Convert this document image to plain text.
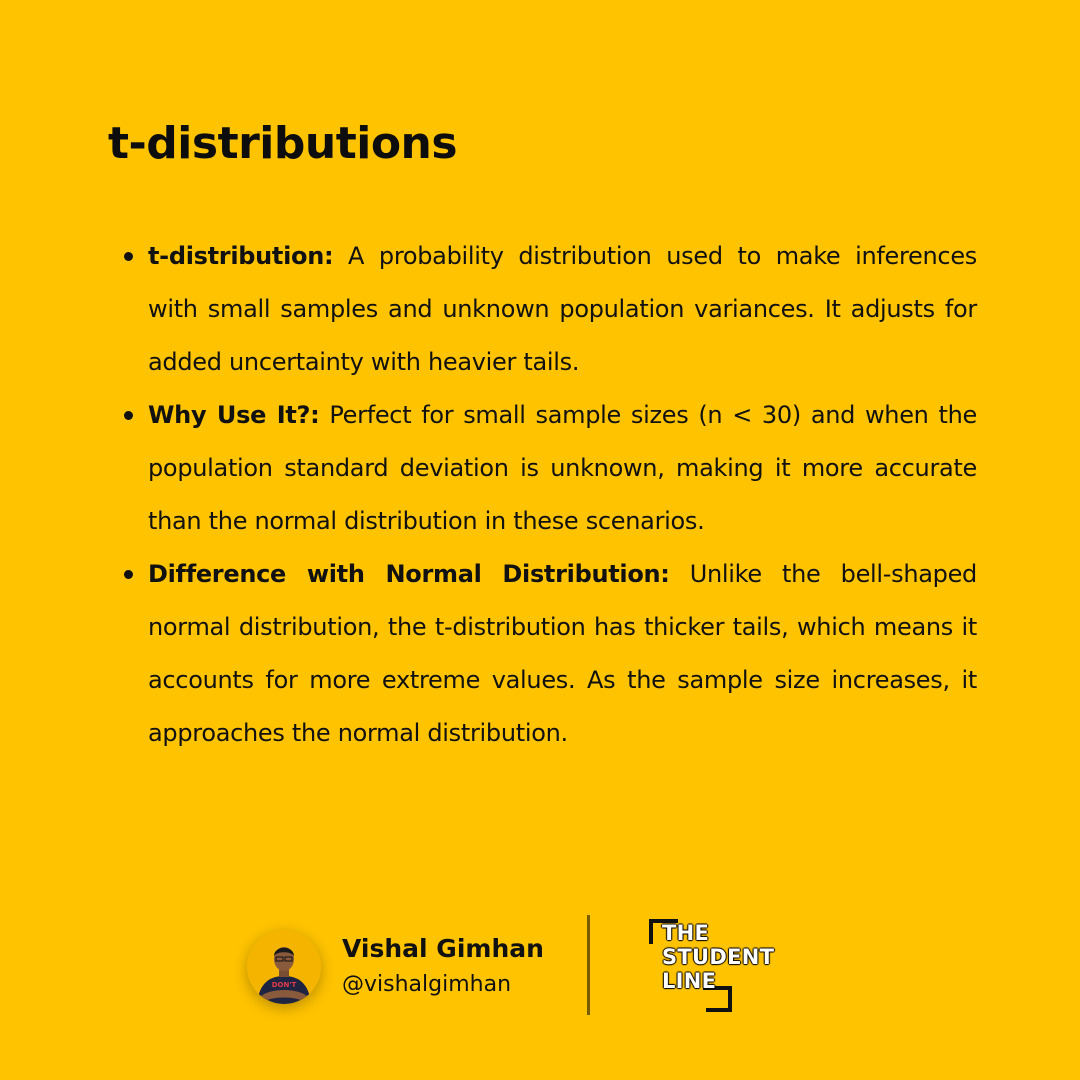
t-distributions
t-distribution: A probability distribution used to make inferences with small samples and unknown population variances. It adjusts for added uncertainty with heavier tails.
Why Use It?: Perfect for small sample sizes (n < 30) and when the population standard deviation is unknown, making it more accurate than the normal distribution in these scenarios.
Difference with Normal Distribution: Unlike the bell-shaped normal distribution, the t-distribution has thicker tails, which means it accounts for more extreme values. As the sample size increases, it approaches the normal distribution.
DON'T
Vishal Gimhan
@vishalgimhan
THE
STUDENT
LINE
